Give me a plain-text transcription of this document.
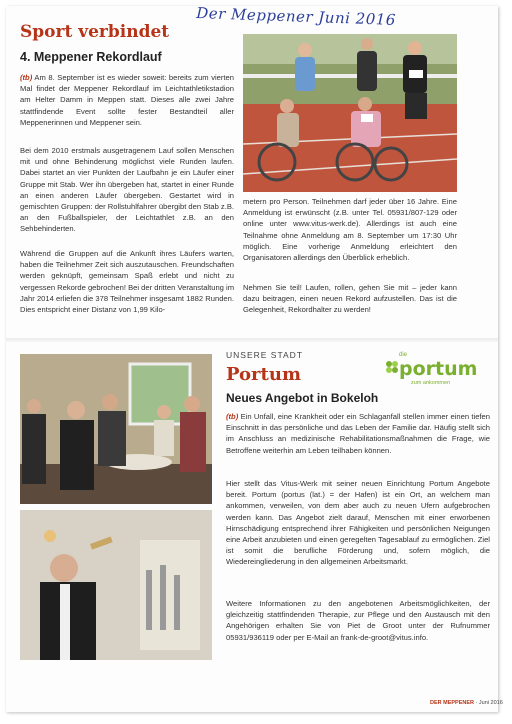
Der Meppener Juni 2016
Sport verbindet
4. Meppener Rekordlauf

(tb) Am 8. September ist es wieder soweit: bereits zum vierten Mal findet der Meppener Rekordlauf im Leichtathletikstadion am Helter Damm in Meppen statt. Dieses alle zwei Jahre stattfindende Event sollte fester Bestandteil aller Meppenerinnen und Meppener sein.

Bei dem 2010 erstmals ausgetragenem Lauf sollen Menschen mit und ohne Behinderung möglichst viele Runden laufen. Dabei startet an vier Punkten der Laufbahn je ein Läufer einer Gruppe mit Stab. Wer ihn übergeben hat, startet in einer Runde an einen anderen Läufer übergeben. Gestartet wird in gemischten Gruppen: der Rollstuhlfahrer übergibt den Stab z.B. an den Fußballspieler, der Leichtathlet z.B. an den Sehbehinderten.

Während die Gruppen auf die Ankunft ihres Läufers warten, haben die Teilnehmer Zeit sich auszutauschen. Freundschaften werden geknüpft, gemeinsam Spaß erlebt und nicht zu vergessen Rekorde gebrochen! Bei der dritten Veranstaltung im Jahr 2014 erliefen die 378 Teilnehmer insgesamt 1882 Runden. Dies entspricht einer Distanz von 1,99 Kilo-

metern pro Person. Teilnehmen darf jeder über 16 Jahre. Eine Anmeldung ist erwünscht (z.B. unter Tel. 05931/807-129 oder online unter www.vitus-werk.de). Allerdings ist auch eine Teilnahme ohne Anmeldung am 8. September um 17:30 Uhr möglich. Eine vorherige Anmeldung erleichtert den Organisatoren allerdings den Überblick erheblich.

Nehmen Sie teil! Laufen, rollen, gehen Sie mit – jeder kann dazu beitragen, einen neuen Rekord aufzustellen. Das ist die Gelegenheit, Rekordhalter zu werden!

UNSERE STADT

Portum
Neues Angebot in Bokeloh
die
portum
zum ankommen

(tb) Ein Unfall, eine Krankheit oder ein Schlaganfall stellen immer einen tiefen Einschnitt in das persönliche und das Leben der Familie dar. Häufig stellt sich im Anschluss an medizinische Rehabilitationsmaßnahmen die Frage, wie Betroffene weiterhin am Leben teilhaben können.

Hier stellt das Vitus-Werk mit seiner neuen Einrichtung Portum Angebote bereit. Portum (portus (lat.) = der Hafen) ist ein Ort, an welchem man ankommen, verweilen, von dem aber auch zu neuen Ufern aufgebrochen werden kann. Das Angebot zielt darauf, Menschen mit einer erworbenen Hirnschädigung entsprechend ihrer Fähigkeiten und persönlichen Neigungen eine Arbeit anzubieten und einen geregelten Tagesablauf zu ermöglichen. Ziel ist somit die berufliche Förderung und, sofern möglich, die Wiedereingliederung in den allgemeinen Arbeitsmarkt.

Weitere Informationen zu den angebotenen Arbeitsmöglichkeiten, der gleichzeitig stattfindenden Therapie, zur Pflege und den Austausch mit den Angehörigen erhalten Sie von Piet de Groot unter der Rufnummer 05931/936119 oder per E-Mail an frank-de-groot@vitus.info.

DER MEPPENER · Juni 2016
